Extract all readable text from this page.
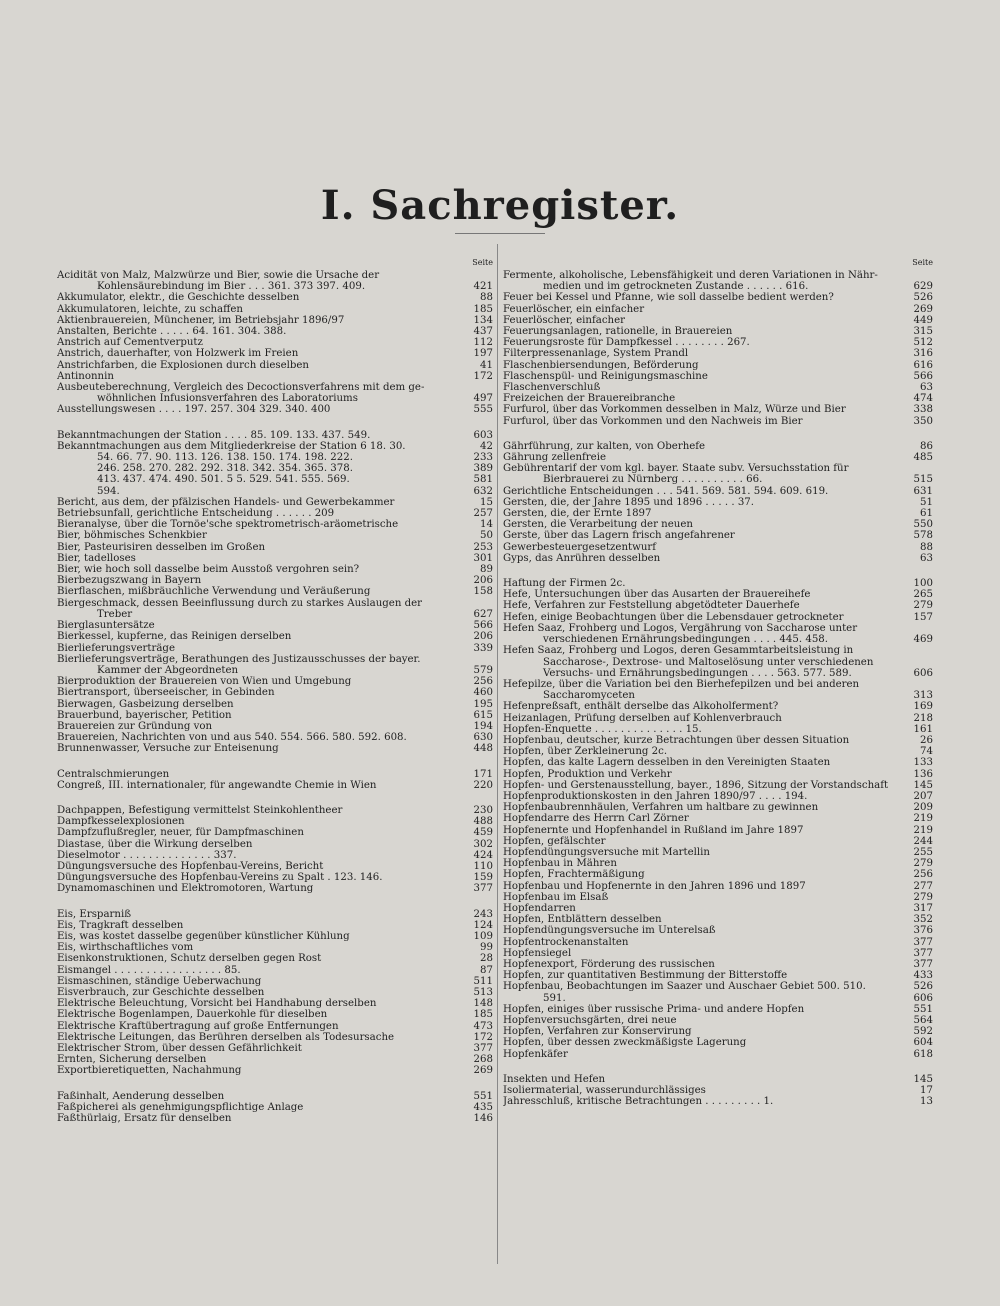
I. Sachregister.
Seite
Acidität von Malz, Malzwürze und Bier, sowie die Ursache der
Kohlensäurebindung im Bier . . . 361. 373 397. 409.	421
Akkumulator, elektr., die Geschichte desselben	88
Akkumulatoren, leichte, zu schaffen	185
Aktienbrauereien, Münchener, im Betriebsjahr 1896/97	134
Anstalten, Berichte . . . . . 64. 161. 304. 388.	437
Anstrich auf Cementverputz	112
Anstrich, dauerhafter, von Holzwerk im Freien	197
Anstrichfarben, die Explosionen durch dieselben	41
Antinonnin	172
Ausbeuteberechnung, Vergleich des Decoctionsverfahrens mit dem ge-
wöhnlichen Infusionsverfahren des Laboratoriums	497
Ausstellungswesen . . . . 197. 257. 304 329. 340. 400	555
Bekanntmachungen der Station . . . . 85. 109. 133. 437. 549.	603
Bekanntmachungen aus dem Mitgliederkreise der Station 6 18. 30.	42
54. 66. 77. 90. 113. 126. 138. 150. 174. 198. 222.	233
246. 258. 270. 282. 292. 318. 342. 354. 365. 378.	389
413. 437. 474. 490. 501. 5 5. 529. 541. 555. 569.	581
594.	632
Bericht, aus dem, der pfälzischen Handels- und Gewerbekammer	15
Betriebsunfall, gerichtliche Entscheidung . . . . . . 209	257
Bieranalyse, über die Tornöe'sche spektrometrisch-aräometrische	14
Bier, böhmisches Schenkbier	50
Bier, Pasteurisiren desselben im Großen	253
Bier, tadelloses	301
Bier, wie hoch soll dasselbe beim Ausstoß vergohren sein?	89
Bierbezugszwang in Bayern	206
Bierflaschen, mißbräuchliche Verwendung und Veräußerung	158
Biergeschmack, dessen Beeinflussung durch zu starkes Auslaugen der
Treber	627
Bierglasuntersätze	566
Bierkessel, kupferne, das Reinigen derselben	206
Bierlieferungsverträge	339
Bierlieferungsverträge, Berathungen des Justizausschusses der bayer.
Kammer der Abgeordneten	579
Bierproduktion der Brauereien von Wien und Umgebung	256
Biertransport, überseeischer, in Gebinden	460
Bierwagen, Gasbeizung derselben	195
Brauerbund, bayerischer, Petition	615
Brauereien zur Gründung von	194
Brauereien, Nachrichten von und aus 540. 554. 566. 580. 592. 608.	630
Brunnenwasser, Versuche zur Enteisenung	448
Centralschmierungen	171
Congreß, III. internationaler, für angewandte Chemie in Wien	220
Dachpappen, Befestigung vermittelst Steinkohlentheer	230
Dampfkesselexplosionen	488
Dampfzuflußregler, neuer, für Dampfmaschinen	459
Diastase, über die Wirkung derselben	302
Dieselmotor . . . . . . . . . . . . . . 337.	424
Düngungsversuche des Hopfenbau-Vereins, Bericht	110
Düngungsversuche des Hopfenbau-Vereins zu Spalt . 123. 146.	159
Dynamomaschinen und Elektromotoren, Wartung	377
Eis, Ersparniß	243
Eis, Tragkraft desselben	124
Eis, was kostet dasselbe gegenüber künstlicher Kühlung	109
Eis, wirthschaftliches vom	99
Eisenkonstruktionen, Schutz derselben gegen Rost	28
Eismangel . . . . . . . . . . . . . . . . . 85.	87
Eismaschinen, ständige Ueberwachung	511
Eisverbrauch, zur Geschichte desselben	513
Elektrische Beleuchtung, Vorsicht bei Handhabung derselben	148
Elektrische Bogenlampen, Dauerkohle für dieselben	185
Elektrische Kraftübertragung auf große Entfernungen	473
Elektrische Leitungen, das Berühren derselben als Todesursache	172
Elektrischer Strom, über dessen Gefährlichkeit	377
Ernten, Sicherung derselben	268
Exportbieretiquetten, Nachahmung	269
Faßinhalt, Aenderung desselben	551
Faßpicherei als genehmigungspflichtige Anlage	435
Faßthürlaig, Ersatz für denselben	146
Seite
Fermente, alkoholische, Lebensfähigkeit und deren Variationen in Nähr-
medien und im getrockneten Zustande . . . . . . 616.	629
Feuer bei Kessel und Pfanne, wie soll dasselbe bedient werden?	526
Feuerlöscher, ein einfacher	269
Feuerlöscher, einfacher	449
Feuerungsanlagen, rationelle, in Brauereien	315
Feuerungsroste für Dampfkessel . . . . . . . . 267.	512
Filterpressenanlage, System Prandl	316
Flaschenbiersendungen, Beförderung	616
Flaschenspül- und Reinigungsmaschine	566
Flaschenverschluß	63
Freizeichen der Brauereibranche	474
Furfurol, über das Vorkommen desselben in Malz, Würze und Bier	338
Furfurol, über das Vorkommen und den Nachweis im Bier	350
Gährführung, zur kalten, von Oberhefe	86
Gährung zellenfreie	485
Gebührentarif der vom kgl. bayer. Staate subv. Versuchsstation für
Bierbrauerei zu Nürnberg . . . . . . . . . . 66.	515
Gerichtliche Entscheidungen . . . 541. 569. 581. 594. 609. 619.	631
Gersten, die, der Jahre 1895 und 1896 . . . . . 37.	51
Gersten, die, der Ernte 1897	61
Gersten, die Verarbeitung der neuen	550
Gerste, über das Lagern frisch angefahrener	578
Gewerbesteuergesetzentwurf	88
Gyps, das Anrühren desselben	63
Haftung der Firmen 2c.	100
Hefe, Untersuchungen über das Ausarten der Brauereihefe	265
Hefe, Verfahren zur Feststellung abgetödteter Dauerhefe	279
Hefen, einige Beobachtungen über die Lebensdauer getrockneter	157
Hefen Saaz, Frohberg und Logos, Vergährung von Saccharose unter
verschiedenen Ernährungsbedingungen . . . . 445. 458.	469
Hefen Saaz, Frohberg und Logos, deren Gesammtarbeitsleistung in
Saccharose-, Dextrose- und Maltoselösung unter verschiedenen
Versuchs- und Ernährungsbedingungen . . . . 563. 577. 589.	606
Hefepilze, über die Variation bei den Bierhefepilzen und bei anderen
Saccharomyceten	313
Hefenpreßsaft, enthält derselbe das Alkoholferment?	169
Heizanlagen, Prüfung derselben auf Kohlenverbrauch	218
Hopfen-Enquette . . . . . . . . . . . . . . 15.	161
Hopfenbau, deutscher, kurze Betrachtungen über dessen Situation	26
Hopfen, über Zerkleinerung 2c.	74
Hopfen, das kalte Lagern desselben in den Vereinigten Staaten	133
Hopfen, Produktion und Verkehr	136
Hopfen- und Gerstenausstellung, bayer., 1896, Sitzung der Vorstandschaft	145
Hopfenproduktionskosten in den Jahren 1890/97 . . . . 194.	207
Hopfenbaubrennhäulen, Verfahren um haltbare zu gewinnen	209
Hopfendarre des Herrn Carl Zörner	219
Hopfenernte und Hopfenhandel in Rußland im Jahre 1897	219
Hopfen, gefälschter	244
Hopfendüngungsversuche mit Martellin	255
Hopfenbau in Mähren	279
Hopfen, Frachtermäßigung	256
Hopfenbau und Hopfenernte in den Jahren 1896 und 1897	277
Hopfenbau im Elsaß	279
Hopfendarren	317
Hopfen, Entblättern desselben	352
Hopfendüngungsversuche im Unterelsaß	376
Hopfentrockenanstalten	377
Hopfensiegel	377
Hopfenexport, Förderung des russischen	377
Hopfen, zur quantitativen Bestimmung der Bitterstoffe	433
Hopfenbau, Beobachtungen im Saazer und Auschaer Gebiet 500. 510.	526
591.	606
Hopfen, einiges über russische Prima- und andere Hopfen	551
Hopfenversuchsgärten, drei neue	564
Hopfen, Verfahren zur Konservirung	592
Hopfen, über dessen zweckmäßigste Lagerung	604
Hopfenkäfer	618
Insekten und Hefen	145
Isoliermaterial, wasserundurchlässiges	17
Jahresschluß, kritische Betrachtungen . . . . . . . . . 1.	13
